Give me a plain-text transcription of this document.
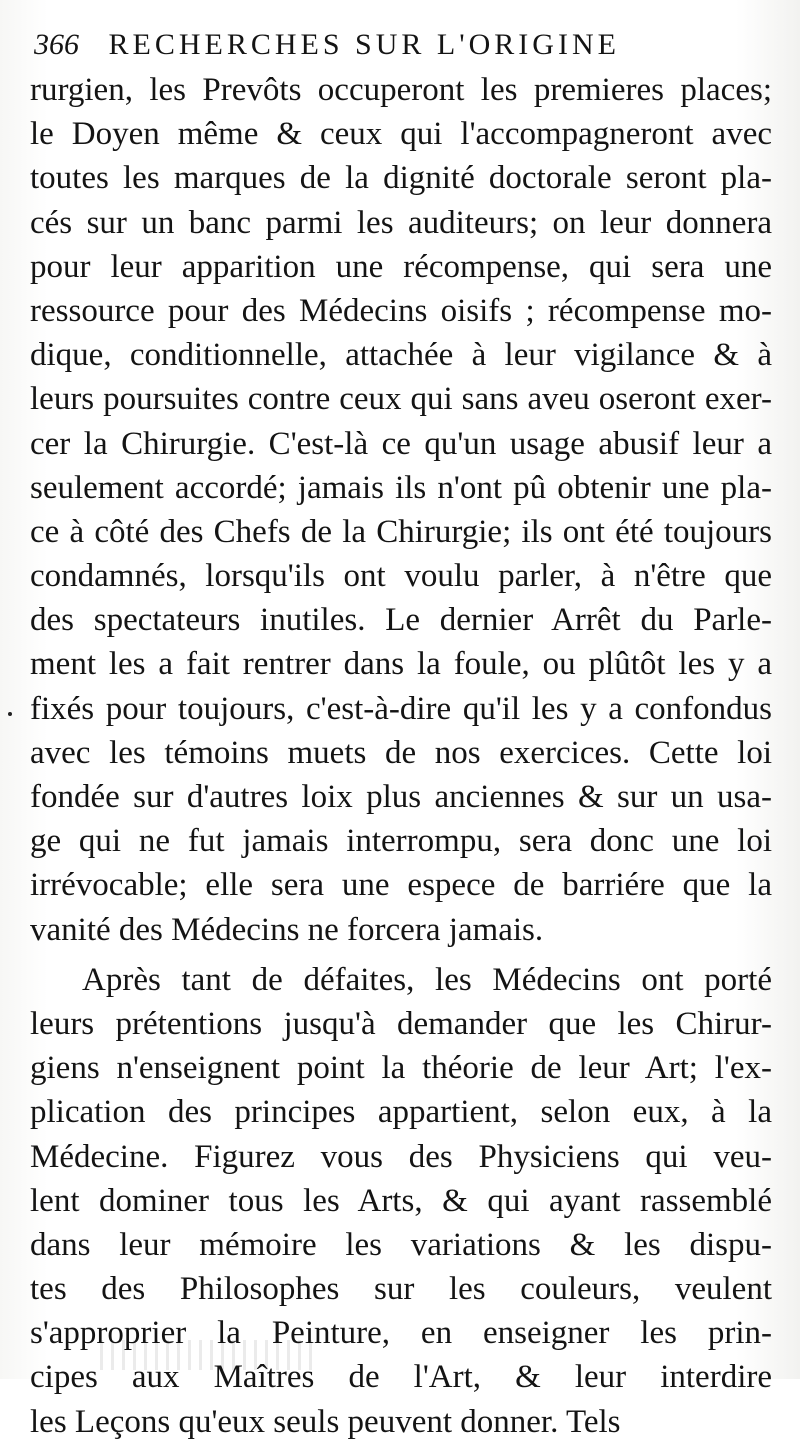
366 RECHERCHES SUR L'ORIGINE
rurgien, les Prevôts occuperont les premieres places;
le Doyen même & ceux qui l'accompagneront avec
toutes les marques de la dignité doctorale seront pla-
cés sur un banc parmi les auditeurs; on leur donnera
pour leur apparition une récompense, qui sera une
ressource pour des Médecins oisifs ; récompense mo-
dique, conditionnelle, attachée à leur vigilance & à
leurs poursuites contre ceux qui sans aveu oseront exer-
cer la Chirurgie. C'est-là ce qu'un usage abusif leur a
seulement accordé; jamais ils n'ont pû obtenir une pla-
ce à côté des Chefs de la Chirurgie; ils ont été toujours
condamnés, lorsqu'ils ont voulu parler, à n'être que
des spectateurs inutiles. Le dernier Arrêt du Parle-
ment les a fait rentrer dans la foule, ou plûtôt les y a
fixés pour toujours, c'est-à-dire qu'il les y a confondus
avec les témoins muets de nos exercices. Cette loi
fondée sur d'autres loix plus anciennes & sur un usa-
ge qui ne fut jamais interrompu, sera donc une loi
irrévocable; elle sera une espece de barriére que la
vanité des Médecins ne forcera jamais.
Après tant de défaites, les Médecins ont porté
leurs prétentions jusqu'à demander que les Chirur-
giens n'enseignent point la théorie de leur Art; l'ex-
plication des principes appartient, selon eux, à la
Médecine. Figurez vous des Physiciens qui veu-
lent dominer tous les Arts, & qui ayant rassemblé
dans leur mémoire les variations & les dispu-
tes des Philosophes sur les couleurs, veulent
s'approprier la Peinture, en enseigner les prin-
cipes aux Maîtres de l'Art, & leur interdire
les Leçons qu'eux seuls peuvent donner. Tels
